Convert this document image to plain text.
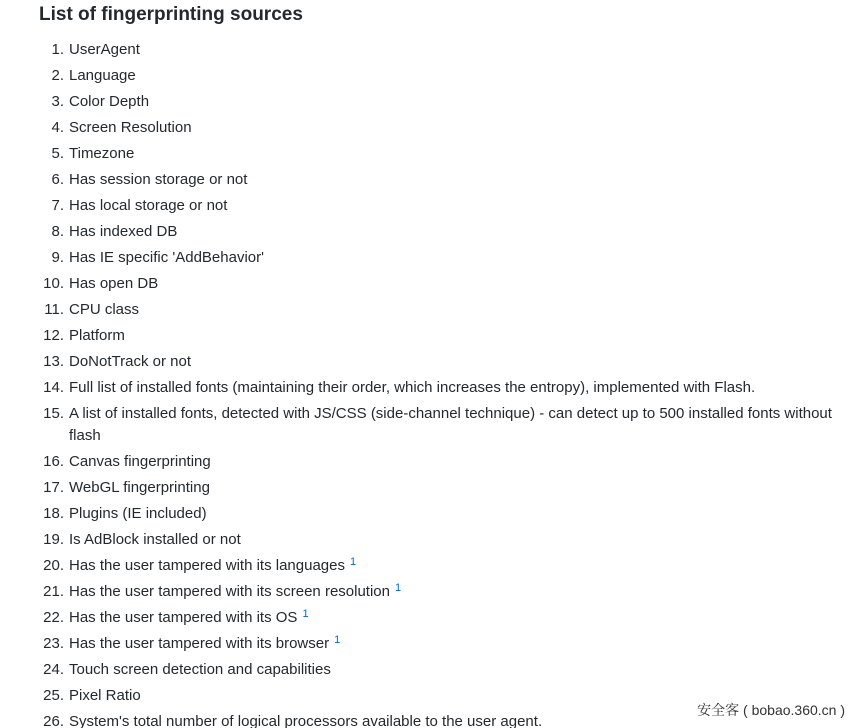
List of fingerprinting sources
1. UserAgent
2. Language
3. Color Depth
4. Screen Resolution
5. Timezone
6. Has session storage or not
7. Has local storage or not
8. Has indexed DB
9. Has IE specific 'AddBehavior'
10. Has open DB
11. CPU class
12. Platform
13. DoNotTrack or not
14. Full list of installed fonts (maintaining their order, which increases the entropy), implemented with Flash.
15. A list of installed fonts, detected with JS/CSS (side-channel technique) - can detect up to 500 installed fonts without flash
16. Canvas fingerprinting
17. WebGL fingerprinting
18. Plugins (IE included)
19. Is AdBlock installed or not
20. Has the user tampered with its languages $^1$
21. Has the user tampered with its screen resolution $^1$
22. Has the user tampered with its OS $^1$
23. Has the user tampered with its browser $^1$
24. Touch screen detection and capabilities
25. Pixel Ratio
26. System's total number of logical processors available to the user agent.
安全客 ( bobao.360.cn )
